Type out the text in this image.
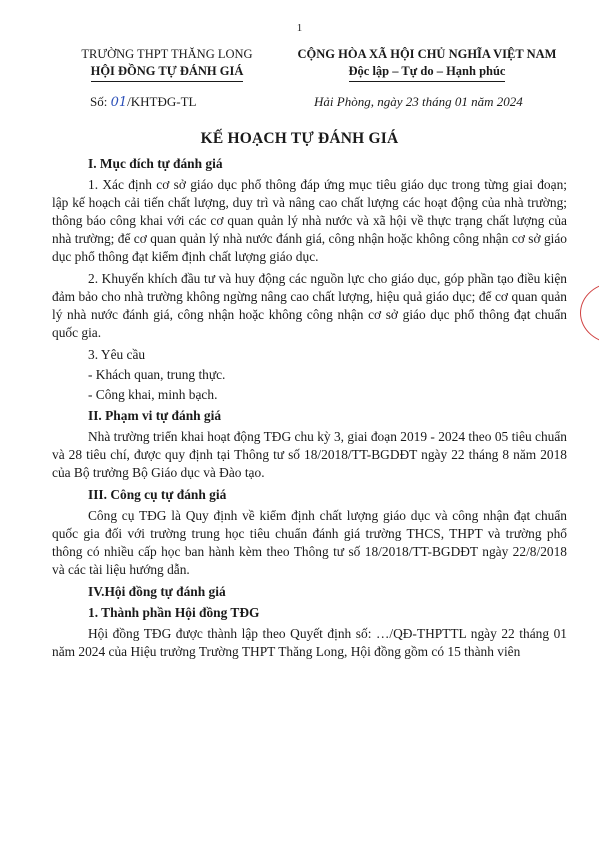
1
TRƯỜNG THPT THĂNG LONG
HỘI ĐỒNG TỰ ĐÁNH GIÁ
CỘNG HÒA XÃ HỘI CHỦ NGHĨA VIỆT NAM
Độc lập – Tự do – Hạnh phúc
Số: 01/KHTĐG-TL	Hải Phòng, ngày 23 tháng 01 năm 2024
KẾ HOẠCH TỰ ĐÁNH GIÁ
I. Mục đích tự đánh giá

1. Xác định cơ sở giáo dục phổ thông đáp ứng mục tiêu giáo dục trong từng giai đoạn; lập kế hoạch cải tiến chất lượng, duy trì và nâng cao chất lượng các hoạt động của nhà trường; thông báo công khai với các cơ quan quản lý nhà nước và xã hội về thực trạng chất lượng của nhà trường; để cơ quan quản lý nhà nước đánh giá, công nhận hoặc không công nhận cơ sở giáo dục phổ thông đạt kiểm định chất lượng giáo dục.

2. Khuyến khích đầu tư và huy động các nguồn lực cho giáo dục, góp phần tạo điều kiện đảm bảo cho nhà trường không ngừng nâng cao chất lượng, hiệu quả giáo dục; để cơ quan quản lý nhà nước đánh giá, công nhận hoặc không công nhận cơ sở giáo dục phổ thông đạt chuẩn quốc gia.

3. Yêu cầu

- Khách quan, trung thực.

- Công khai, minh bạch.

II. Phạm vi tự đánh giá

Nhà trường triển khai hoạt động TĐG chu kỳ 3, giai đoạn 2019 - 2024 theo 05 tiêu chuẩn và 28 tiêu chí, được quy định tại Thông tư số 18/2018/TT-BGDĐT ngày 22 tháng 8 năm 2018 của Bộ trưởng Bộ Giáo dục và Đào tạo.

III. Công cụ tự đánh giá

Công cụ TĐG là Quy định về kiểm định chất lượng giáo dục và công nhận đạt chuẩn quốc gia đối với trường trung học tiêu chuẩn đánh giá trường THCS, THPT và trường phổ thông có nhiều cấp học ban hành kèm theo Thông tư số 18/2018/TT-BGDĐT ngày 22/8/2018 và các tài liệu hướng dẫn.

IV.Hội đồng tự đánh giá
1. Thành phần Hội đồng TĐG

Hội đồng TĐG được thành lập theo Quyết định số: …/QĐ-THPTTL ngày 22 tháng 01 năm 2024 của Hiệu trưởng Trường THPT Thăng Long, Hội đồng gồm có 15 thành viên
